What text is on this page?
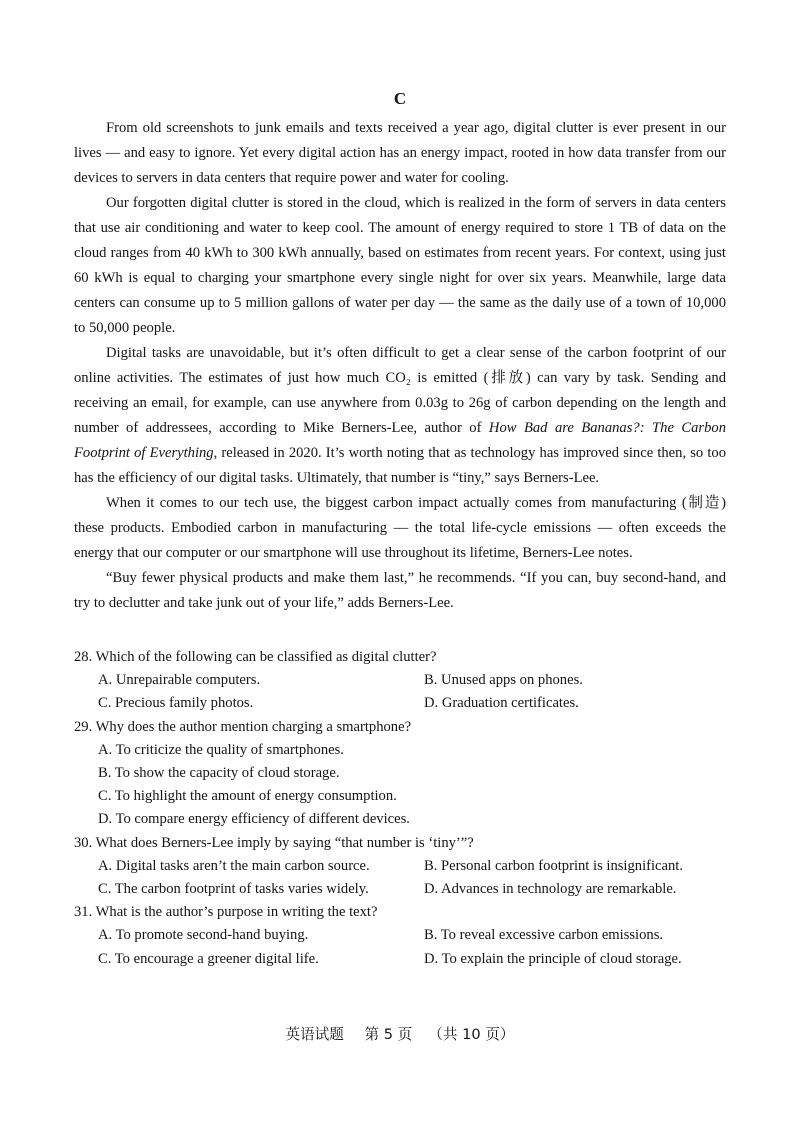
C

From old screenshots to junk emails and texts received a year ago, digital clutter is ever present in our lives — and easy to ignore. Yet every digital action has an energy impact, rooted in how data transfer from our devices to servers in data centers that require power and water for cooling.

Our forgotten digital clutter is stored in the cloud, which is realized in the form of servers in data centers that use air conditioning and water to keep cool. The amount of energy required to store 1 TB of data on the cloud ranges from 40 kWh to 300 kWh annually, based on estimates from recent years. For context, using just 60 kWh is equal to charging your smartphone every single night for over six years. Meanwhile, large data centers can consume up to 5 million gallons of water per day — the same as the daily use of a town of 10,000 to 50,000 people.

Digital tasks are unavoidable, but it’s often difficult to get a clear sense of the carbon footprint of our online activities. The estimates of just how much CO₂ is emitted (排放) can vary by task. Sending and receiving an email, for example, can use anywhere from 0.03g to 26g of carbon depending on the length and number of addressees, according to Mike Berners-Lee, author of How Bad are Bananas?: The Carbon Footprint of Everything, released in 2020. It’s worth noting that as technology has improved since then, so too has the efficiency of our digital tasks. Ultimately, that number is “tiny,” says Berners-Lee.

When it comes to our tech use, the biggest carbon impact actually comes from manufacturing (制造) these products. Embodied carbon in manufacturing — the total life-cycle emissions — often exceeds the energy that our computer or our smartphone will use throughout its lifetime, Berners-Lee notes.

“Buy fewer physical products and make them last,” he recommends. “If you can, buy second-hand, and try to declutter and take junk out of your life,” adds Berners-Lee.

28. Which of the following can be classified as digital clutter?

A. Unrepairable computers.	B. Unused apps on phones.

C. Precious family photos.	D. Graduation certificates.

29. Why does the author mention charging a smartphone?

A. To criticize the quality of smartphones.

B. To show the capacity of cloud storage.

C. To highlight the amount of energy consumption.

D. To compare energy efficiency of different devices.

30. What does Berners-Lee imply by saying “that number is ‘tiny’”?

A. Digital tasks aren’t the main carbon source.	B. Personal carbon footprint is insignificant.

C. The carbon footprint of tasks varies widely.	D. Advances in technology are remarkable.

31. What is the author’s purpose in writing the text?

A. To promote second-hand buying.	B. To reveal excessive carbon emissions.

C. To encourage a greener digital life.	D. To explain the principle of cloud storage.

英语试题 第 5 页 （共 10 页）
